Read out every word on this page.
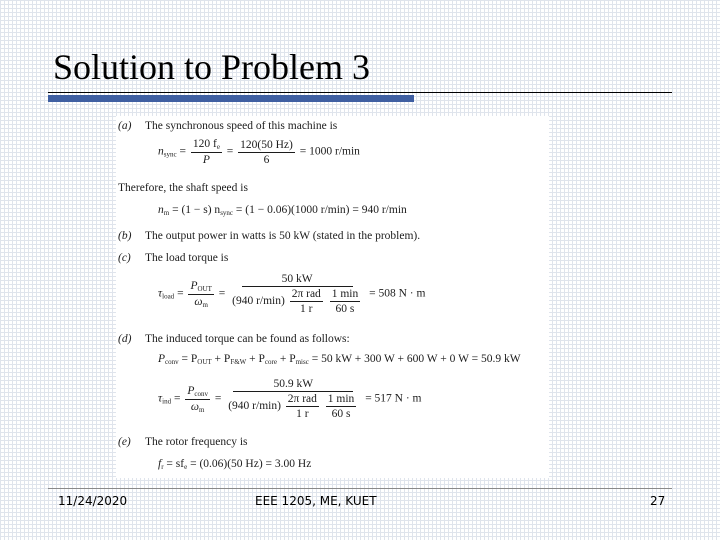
Solution to Problem 3
(a) The synchronous speed of this machine is
$n_{sync} = \frac{120 f_e}{P} = \frac{120(50 Hz)}{6} = 1000$ r/min
Therefore, the shaft speed is
$n_m = (1 - s) n_{sync} = (1 - 0.06)(1000$ r/min) = 940 r/min
(b) The output power in watts is 50 kW (stated in the problem).
(c) The load torque is
$\tau_{load} = \frac{P_{OUT}}{\omega_m} = 50$ kW
(940 $r/\min) \frac{\text{2π rad}}{1 r}$
$\frac{1 \min}{60 s} = 508$ N · m
(d) The induced torque can be found as follows:
$P_{conv} = P_{OUT} + P_{F\&W} + P_{core} + P_{misc} = 50$ kW + 300 W + 600 W + 0 W = 50.9 kW
$\tau_{ind} = \frac{P_{conv}}{\omega_m} = 50.9$ kW
(940 $r/\min) \frac{\text{2π rad}}{1 r}$
$\frac{1 \min}{60 s} = 517$ N · m
(e) The rotor frequency is
$f_r = sf_e = (0.06)(50$ Hz) = 3.00 Hz
11/24/2020	EEE 1205, ME, KUET	27
